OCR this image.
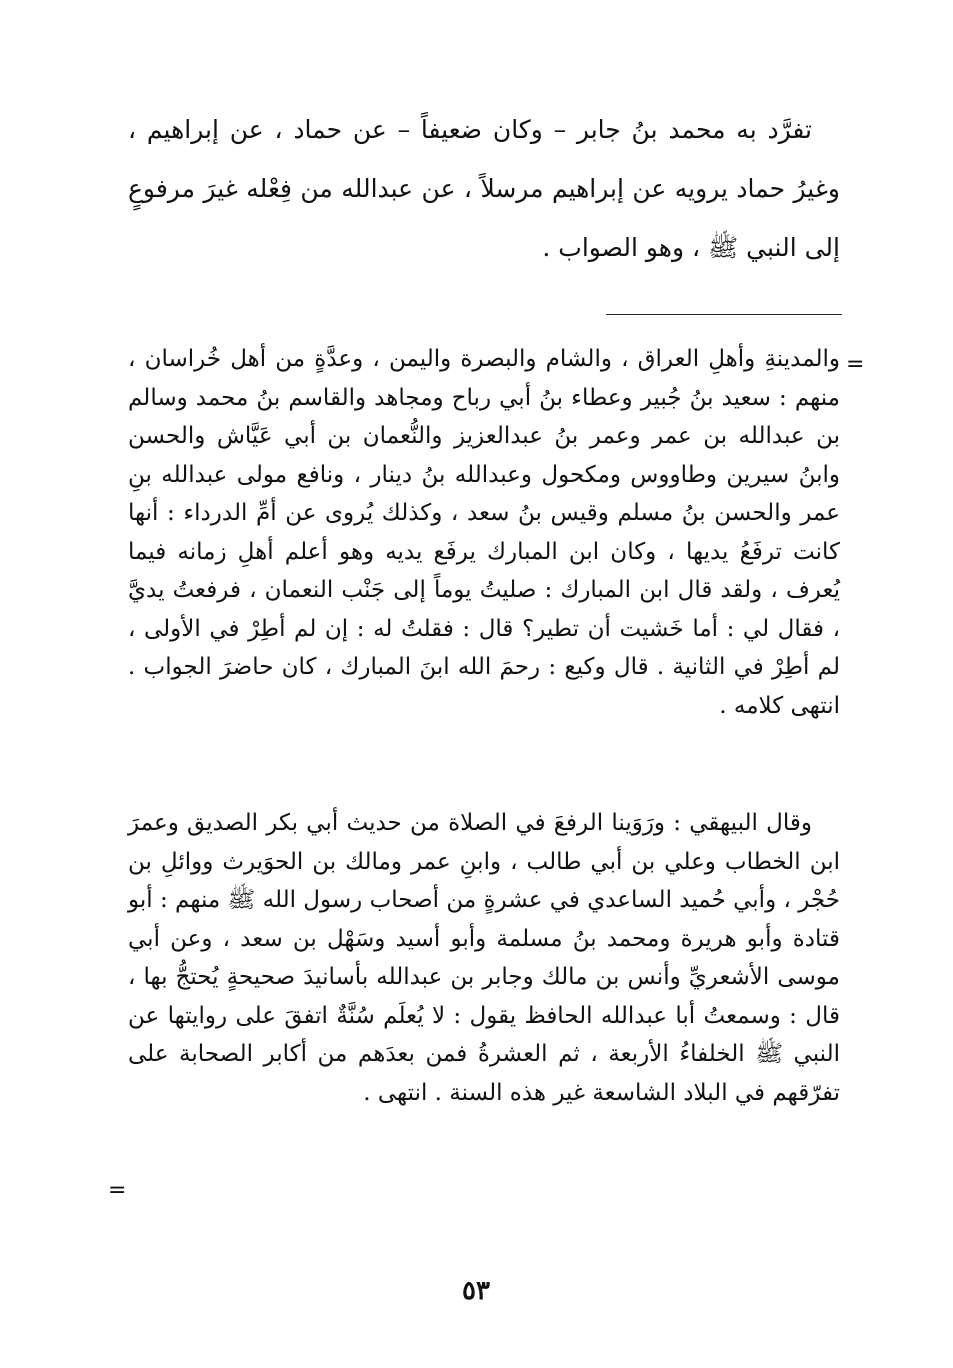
تفرَّد به محمد بنُ جابر – وكان ضعيفاً – عن حماد ، عن إبراهيم ، وغيرُ حماد يرويه عن إبراهيم مرسلاً ، عن عبدالله من فِعْله غيرَ مرفوعٍ إلى النبي ﷺ ، وهو الصواب .

=

والمدينةِ وأهلِ العراق ، والشام والبصرة واليمن ، وعدَّةٍ من أهل خُراسان ، منهم : سعيد بنُ جُبير وعطاء بنُ أبي رباح ومجاهد والقاسم بنُ محمد وسالم بن عبدالله بن عمر وعمر بنُ عبدالعزيز والنُّعمان بن أبي عَيَّاش والحسن وابنُ سيرين وطاووس ومكحول وعبدالله بنُ دينار ، ونافع مولى عبدالله بنِ عمر والحسن بنُ مسلم وقيس بنُ سعد ، وكذلك يُروى عن أمِّ الدرداء : أنها كانت ترفَعُ يديها ، وكان ابن المبارك يرفَع يديه وهو أعلم أهلِ زمانه فيما يُعرف ، ولقد قال ابن المبارك : صليتُ يوماً إلى جَنْب النعمان ، فرفعتُ يديَّ ، فقال لي : أما خَشيت أن تطير؟ قال : فقلتُ له : إن لم أطِرْ في الأولى ، لم أطِرْ في الثانية . قال وكيع : رحمَ الله ابنَ المبارك ، كان حاضرَ الجواب . انتهى كلامه .

وقال البيهقي : ورَوَينا الرفعَ في الصلاة من حديث أبي بكر الصديق وعمرَ ابن الخطاب وعلي بن أبي طالب ، وابنِ عمر ومالك بن الحوَيرث ووائلِ بن حُجْر ، وأبي حُميد الساعدي في عشرةٍ من أصحاب رسول الله ﷺ منهم : أبو قتادة وأبو هريرة ومحمد بنُ مسلمة وأبو أسيد وسَهْل بن سعد ، وعن أبي موسى الأشعريِّ وأنس بن مالك وجابر بن عبدالله بأسانيدَ صحيحةٍ يُحتجُّ بها ، قال : وسمعتُ أبا عبدالله الحافظ يقول : لا يُعلَم سُنَّةٌ اتفقَ على روايتها عن النبي ﷺ الخلفاءُ الأربعة ، ثم العشرةُ فمن بعدَهم من أكابر الصحابة على تفرّقهم في البلاد الشاسعة غير هذه السنة . انتهى .

=
٥٣
